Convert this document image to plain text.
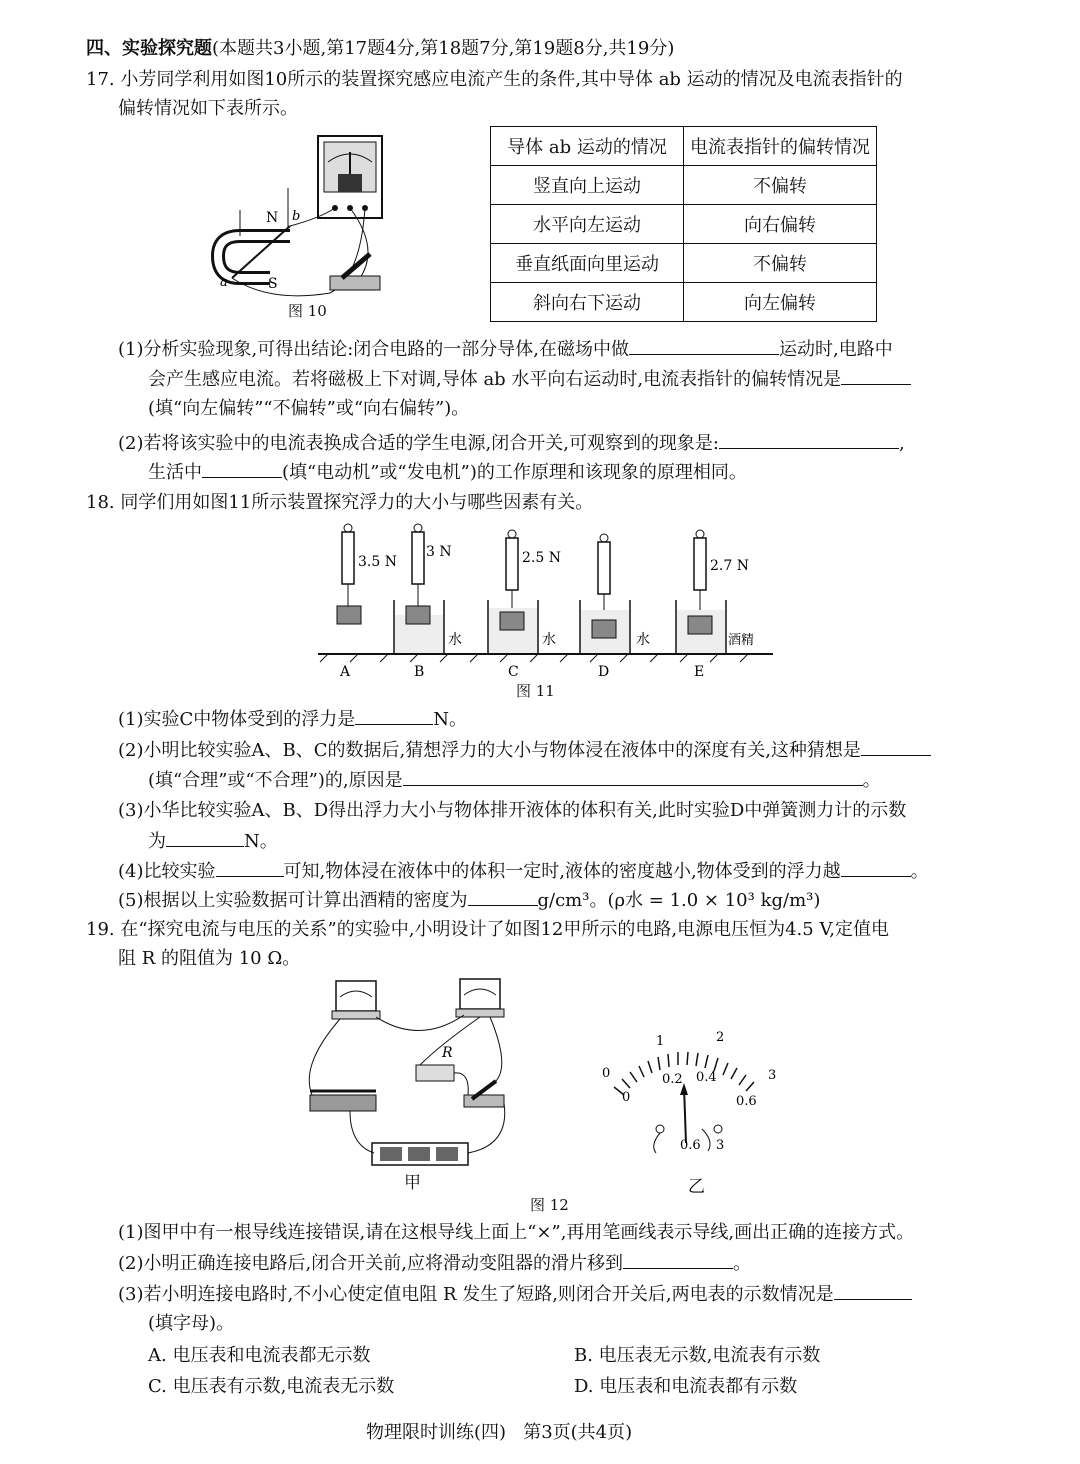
四、实验探究题(本题共3小题,第17题4分,第18题7分,第19题8分,共19分)
17. 小芳同学利用如图10所示的装置探究感应电流产生的条件,其中导体 ab 运动的情况及电流表指针的
偏转情况如下表所示。
N
S
a
b
图 10
导体 ab 运动的情况	电流表指针的偏转情况
竖直向上运动	不偏转
水平向左运动	向右偏转
垂直纸面向里运动	不偏转
斜向右下运动	向左偏转
(1)分析实验现象,可得出结论:闭合电路的一部分导体,在磁场中做	运动时,电路中
会产生感应电流。若将磁极上下对调,导体 ab 水平向右运动时,电流表指针的偏转情况是
(填“向左偏转”“不偏转”或“向右偏转”)。
(2)若将该实验中的电流表换成合适的学生电源,闭合开关,可观察到的现象是:	,
生活中	(填“电动机”或“发电机”)的工作原理和该现象的原理相同。
18. 同学们用如图11所示装置探究浮力的大小与哪些因素有关。
3.5 N
A
3 N
水
B
2.5 N
水
C
水
D
2.7 N
酒精
E
图 11
(1)实验C中物体受到的浮力是	N。
(2)小明比较实验A、B、C的数据后,猜想浮力的大小与物体浸在液体中的深度有关,这种猜想是
(填“合理”或“不合理”)的,原因是	。
(3)小华比较实验A、B、D得出浮力大小与物体排开液体的体积有关,此时实验D中弹簧测力计的示数
为	N。
(4)比较实验	可知,物体浸在液体中的体积一定时,液体的密度越小,物体受到的浮力越	。
(5)根据以上实验数据可计算出酒精的密度为	g/cm³。(ρ水 = 1.0 × 10³ kg/m³)
19. 在“探究电流与电压的关系”的实验中,小明设计了如图12甲所示的电路,电源电压恒为4.5 V,定值电
阻 R 的阻值为 10 Ω。
R
甲
0
1	2
3
0
0.2 0.4
0.6
0.6 3
乙
图 12
(1)图甲中有一根导线连接错误,请在这根导线上面上“×”,再用笔画线表示导线,画出正确的连接方式。
(2)小明正确连接电路后,闭合开关前,应将滑动变阻器的滑片移到	。
(3)若小明连接电路时,不小心使定值电阻 R 发生了短路,则闭合开关后,两电表的示数情况是
(填字母)。
A. 电压表和电流表都无示数	B. 电压表无示数,电流表有示数
C. 电压表有示数,电流表无示数	D. 电压表和电流表都有示数
物理限时训练(四)   第3页(共4页)
